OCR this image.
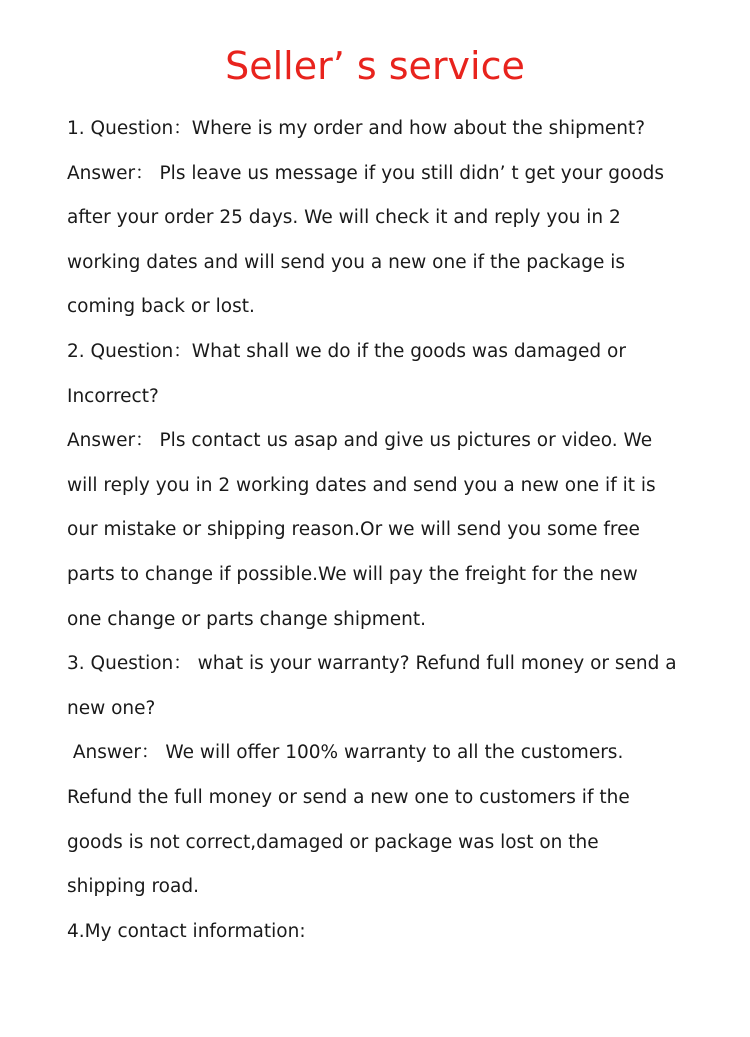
Seller’ s service
1. Question：Where is my order and how about the shipment?
Answer： Pls leave us message if you still didn’ t get your goods
after your order 25 days. We will check it and reply you in 2
working dates and will send you a new one if the package is
coming back or lost.
2. Question：What shall we do if the goods was damaged or
Incorrect?
Answer： Pls contact us asap and give us pictures or video. We
will reply you in 2 working dates and send you a new one if it is
our mistake or shipping reason.Or we will send you some free
parts to change if possible.We will pay the freight for the new
one change or parts change shipment.
3. Question： what is your warranty? Refund full money or send a
new one?
Answer： We will offer 100% warranty to all the customers.
Refund the full money or send a new one to customers if the
goods is not correct,damaged or package was lost on the
shipping road.
4.My contact information:
